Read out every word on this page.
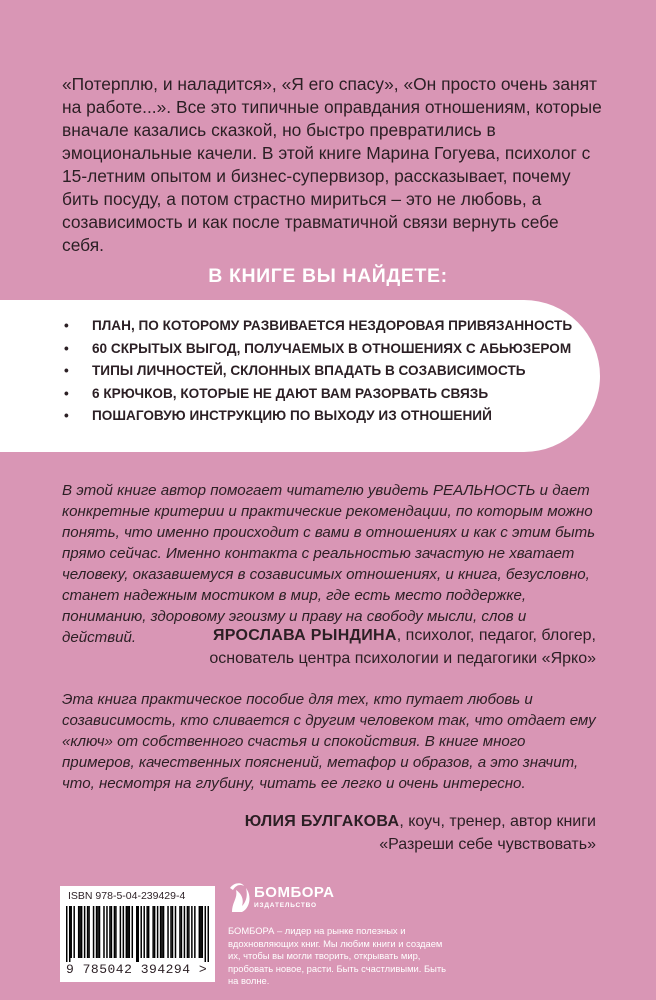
«Потерплю, и наладится», «Я его спасу», «Он просто очень занят на работе...». Все это типичные оправдания отношениям, которые вначале казались сказкой, но быстро превратились в эмоциональные качели. В этой книге Марина Гогуева, психолог с 15-летним опытом и бизнес-супервизор, рассказывает, почему бить посуду, а потом страстно мириться – это не любовь, а созависимость и как после травматичной связи вернуть себе себя.

В КНИГЕ ВЫ НАЙДЕТЕ:
•	ПЛАН, ПО КОТОРОМУ РАЗВИВАЕТСЯ НЕЗДОРОВАЯ ПРИВЯЗАННОСТЬ
•	60 СКРЫТЫХ ВЫГОД, ПОЛУЧАЕМЫХ В ОТНОШЕНИЯХ С АБЬЮЗЕРОМ
•	ТИПЫ ЛИЧНОСТЕЙ, СКЛОННЫХ ВПАДАТЬ В СОЗАВИСИМОСТЬ
•	6 КРЮЧКОВ, КОТОРЫЕ НЕ ДАЮТ ВАМ РАЗОРВАТЬ СВЯЗЬ
•	ПОШАГОВУЮ ИНСТРУКЦИЮ ПО ВЫХОДУ ИЗ ОТНОШЕНИЙ

В этой книге автор помогает читателю увидеть РЕАЛЬНОСТЬ и дает конкретные критерии и практические рекомендации, по которым можно понять, что именно происходит с вами в отношениях и как с этим быть прямо сейчас. Именно контакта с реальностью зачастую не хватает человеку, оказавшемуся в созависимых отношениях, и книга, безусловно, станет надежным мостиком в мир, где есть место поддержке, пониманию, здоровому эгоизму и праву на свободу мысли, слов и действий.	ЯРОСЛАВА РЫНДИНА, психолог, педагог, блогер,
основатель центра психологии и педагогики «Ярко»

Эта книга практическое пособие для тех, кто путает любовь и созависимость, кто сливается с другим человеком так, что отдает ему «ключ» от собственного счастья и спокойствия. В книге много примеров, качественных пояснений, метафор и образов, а это значит, что, несмотря на глубину, читать ее легко и очень интересно.

ЮЛИЯ БУЛГАКОВА, коуч, тренер, автор книги
«Разреши себе чувствовать»

ISBN 978-5-04-239429-4
9 785042 394294 >
БОМБОРА
ИЗДАТЕЛЬСТВО

БОМБОРА – лидер на рынке полезных и вдохновляющих книг. Мы любим книги и создаем их, чтобы вы могли творить, открывать мир, пробовать новое, расти. Быть счастливыми. Быть на волне.
